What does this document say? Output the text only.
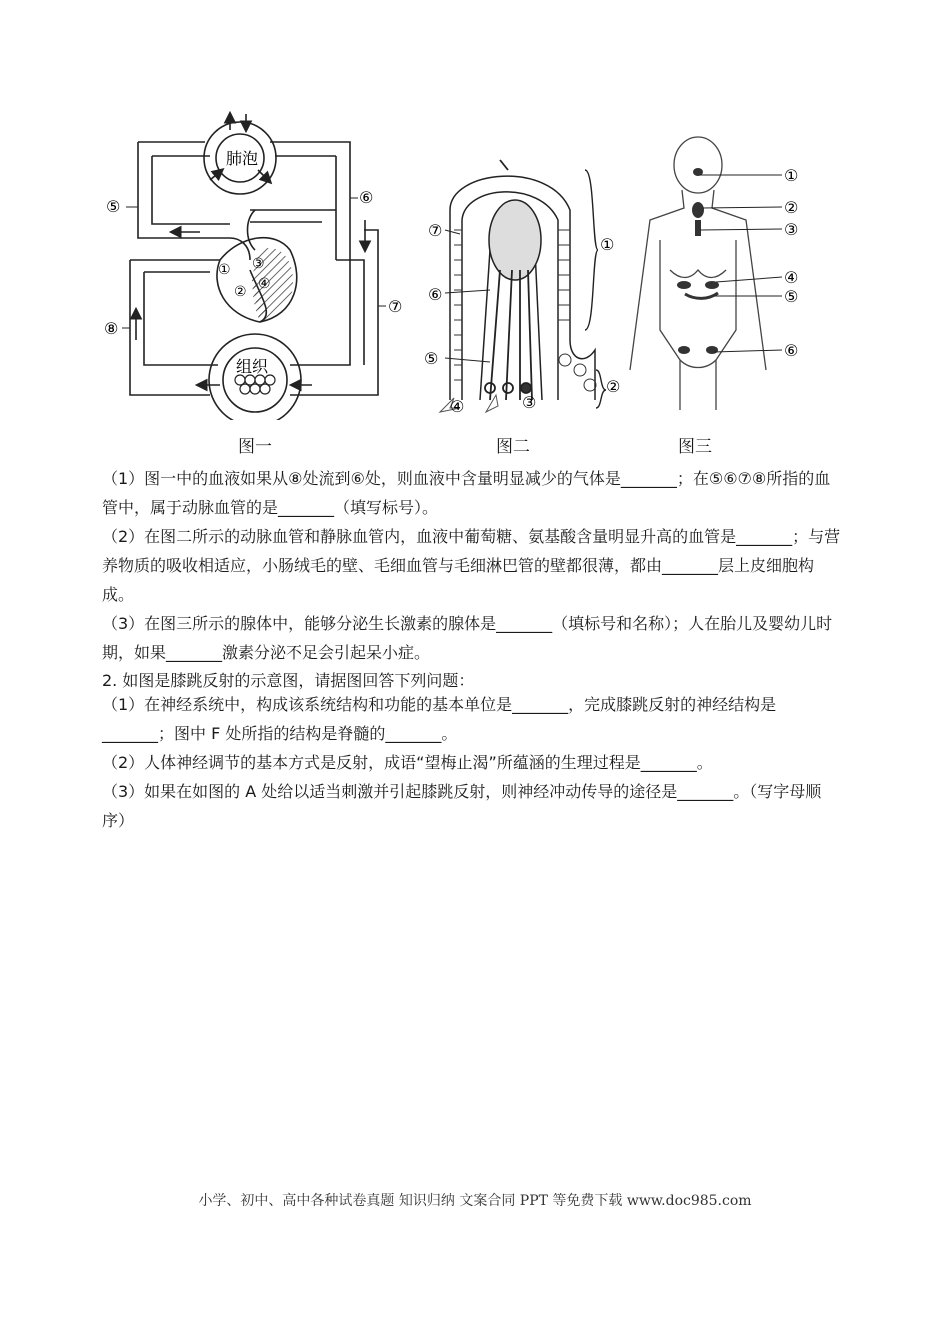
肺泡
组织
①
②
③
④
⑤	⑥
⑦
⑧
①
②
③
④
⑤
⑥
⑦
①
②
③
④
⑤
⑥
图一	图二	图三
（1）图一中的血液如果从⑧处流到⑥处，则血液中含量明显减少的气体是_______；在⑤⑥⑦⑧所指的血管中，属于动脉血管的是_______（填写标号）。
（2）在图二所示的动脉血管和静脉血管内，血液中葡萄糖、氨基酸含量明显升高的血管是_______；与营养物质的吸收相适应，小肠绒毛的壁、毛细血管与毛细淋巴管的壁都很薄，都由_______层上皮细胞构成。
（3）在图三所示的腺体中，能够分泌生长激素的腺体是_______（填标号和名称）；人在胎儿及婴幼儿时期，如果_______激素分泌不足会引起呆小症。
2. 如图是膝跳反射的示意图，请据图回答下列问题：
（1）在神经系统中，构成该系统结构和功能的基本单位是_______，完成膝跳反射的神经结构是_______；图中 F 处所指的结构是脊髓的_______。
（2）人体神经调节的基本方式是反射，成语“望梅止渴”所蕴涵的生理过程是_______。
（3）如果在如图的 A 处给以适当刺激并引起膝跳反射，则神经冲动传导的途径是_______。（写字母顺序）
小学、初中、高中各种试卷真题 知识归纳 文案合同 PPT 等免费下载 www.doc985.com
